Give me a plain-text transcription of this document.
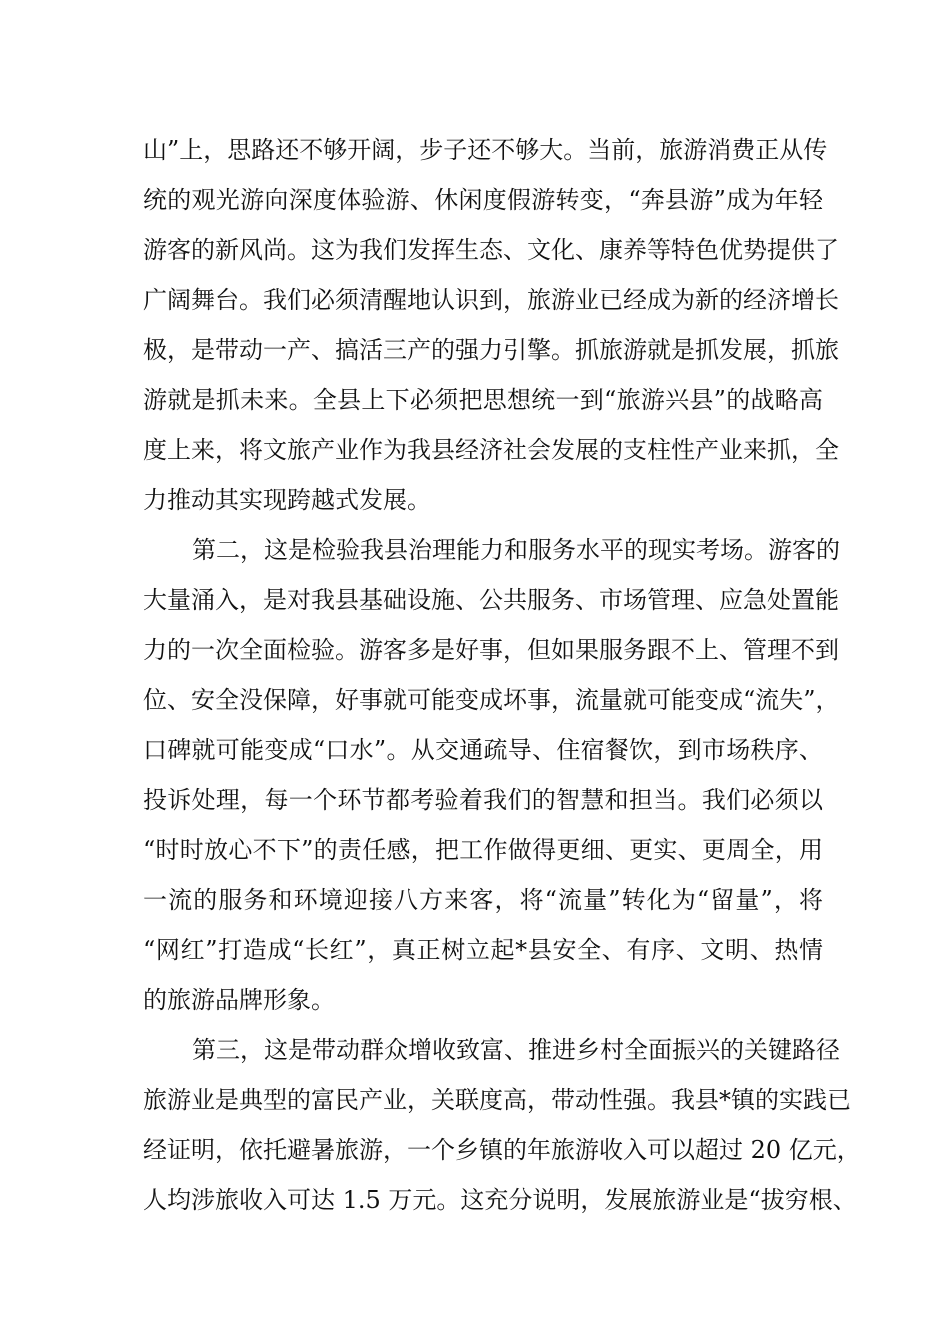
山”上，思路还不够开阔，步子还不够大。当前，旅游消费正从传
统的观光游向深度体验游、休闲度假游转变，“奔县游”成为年轻
游客的新风尚。这为我们发挥生态、文化、康养等特色优势提供了
广阔舞台。我们必须清醒地认识到，旅游业已经成为新的经济增长
极，是带动一产、搞活三产的强力引擎。抓旅游就是抓发展，抓旅
游就是抓未来。全县上下必须把思想统一到“旅游兴县”的战略高
度上来，将文旅产业作为我县经济社会发展的支柱性产业来抓，全
力推动其实现跨越式发展。
第二，这是检验我县治理能力和服务水平的现实考场。游客的
大量涌入，是对我县基础设施、公共服务、市场管理、应急处置能
力的一次全面检验。游客多是好事，但如果服务跟不上、管理不到
位、安全没保障，好事就可能变成坏事，流量就可能变成“流失”，
口碑就可能变成“口水”。从交通疏导、住宿餐饮，到市场秩序、
投诉处理，每一个环节都考验着我们的智慧和担当。我们必须以
“时时放心不下”的责任感，把工作做得更细、更实、更周全，用
一流的服务和环境迎接八方来客，将“流量”转化为“留量”，将
“网红”打造成“长红”，真正树立起*县安全、有序、文明、热情
的旅游品牌形象。
第三，这是带动群众增收致富、推进乡村全面振兴的关键路径
旅游业是典型的富民产业，关联度高，带动性强。我县*镇的实践已
经证明，依托避暑旅游，一个乡镇的年旅游收入可以超过 20 亿元，
人均涉旅收入可达 1.5 万元。这充分说明，发展旅游业是“拔穷根、
